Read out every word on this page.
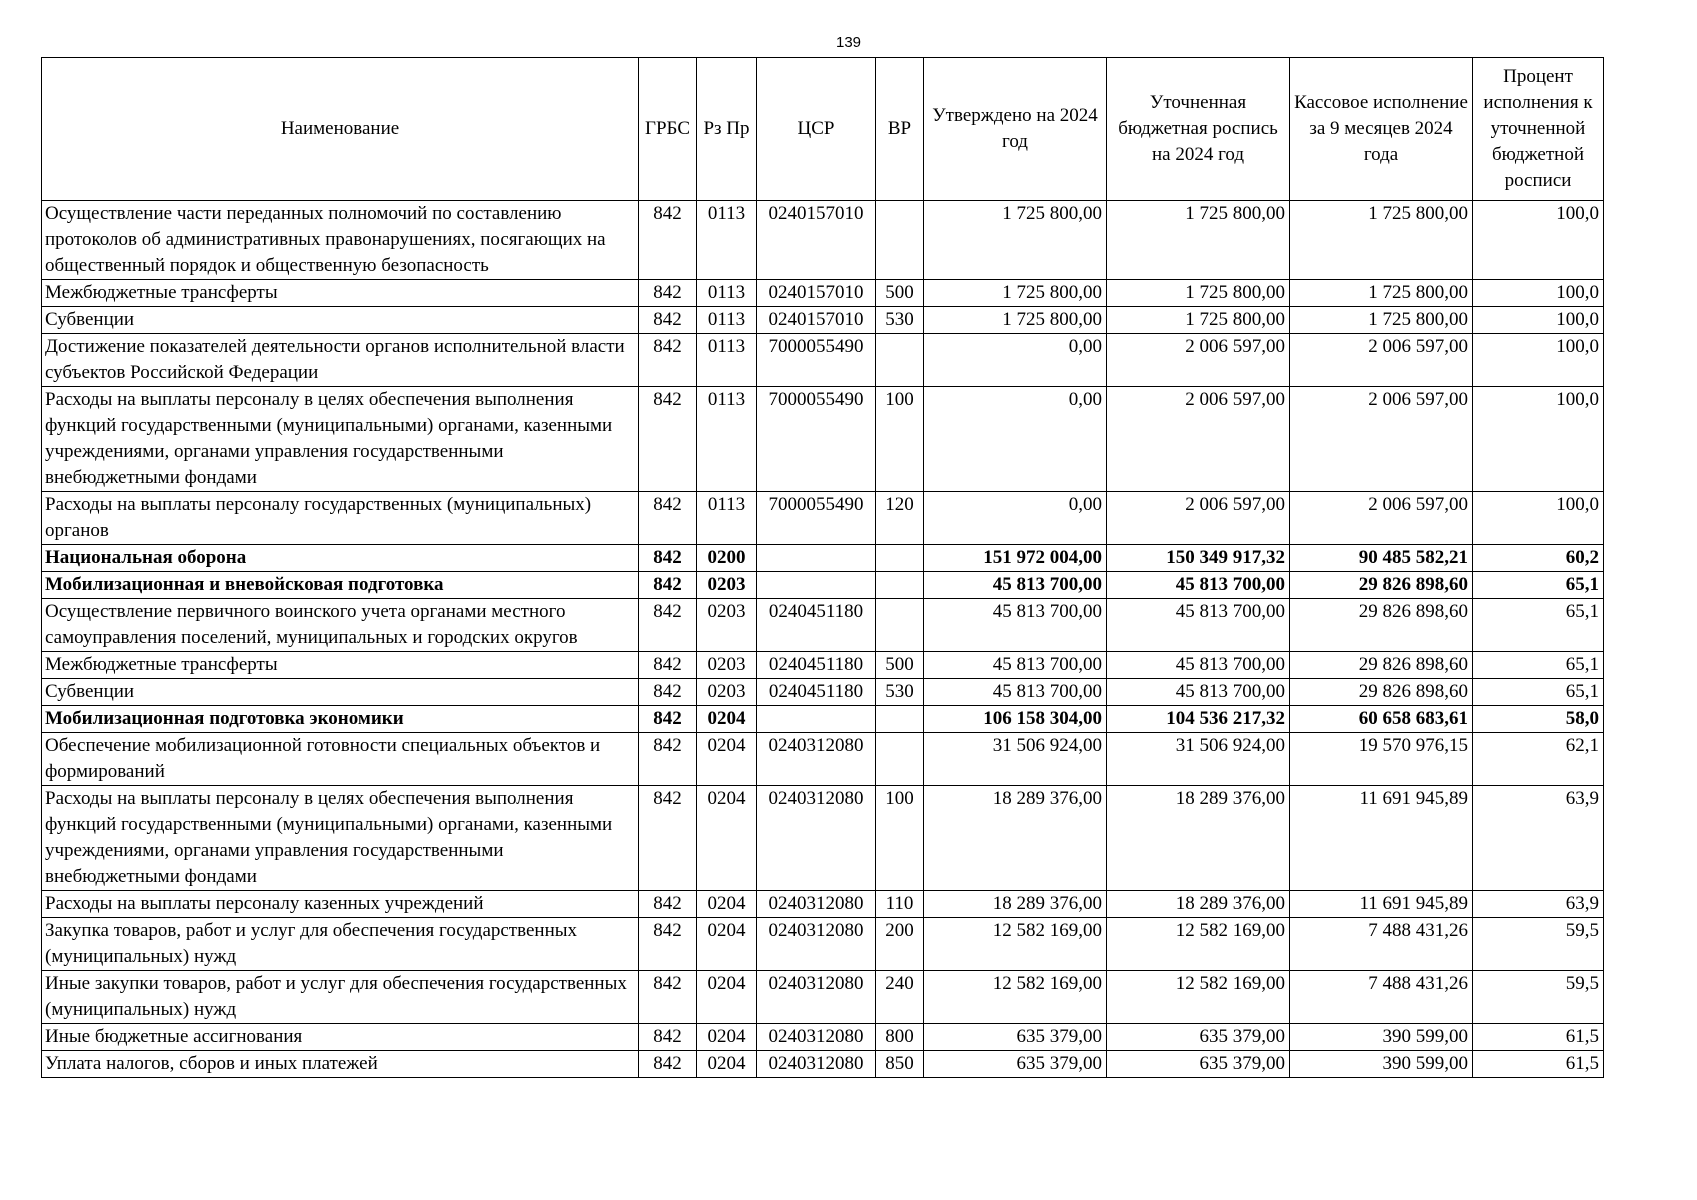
139
Наименование	ГРБС	Рз Пр	ЦСР	ВР	Утверждено на 2024 год	Уточненная бюджетная роспись на 2024 год	Кассовое исполнение за 9 месяцев 2024 года	Процент исполнения к уточненной бюджетной росписи
Осуществление части переданных полномочий по составлению протоколов об административных правонарушениях, посягающих на общественный порядок и общественную безопасность	842	0113	0240157010		1 725 800,00	1 725 800,00	1 725 800,00	100,0
Межбюджетные трансферты	842	0113	0240157010	500	1 725 800,00	1 725 800,00	1 725 800,00	100,0
Субвенции	842	0113	0240157010	530	1 725 800,00	1 725 800,00	1 725 800,00	100,0
Достижение показателей деятельности органов исполнительной власти субъектов Российской Федерации	842	0113	7000055490		0,00	2 006 597,00	2 006 597,00	100,0
Расходы на выплаты персоналу в целях обеспечения выполнения функций государственными (муниципальными) органами, казенными учреждениями, органами управления государственными внебюджетными фондами	842	0113	7000055490	100	0,00	2 006 597,00	2 006 597,00	100,0
Расходы на выплаты персоналу государственных (муниципальных) органов	842	0113	7000055490	120	0,00	2 006 597,00	2 006 597,00	100,0
Национальная оборона	842	0200			151 972 004,00	150 349 917,32	90 485 582,21	60,2
Мобилизационная и вневойсковая подготовка	842	0203			45 813 700,00	45 813 700,00	29 826 898,60	65,1
Осуществление первичного воинского учета органами местного самоуправления поселений, муниципальных и городских округов	842	0203	0240451180		45 813 700,00	45 813 700,00	29 826 898,60	65,1
Межбюджетные трансферты	842	0203	0240451180	500	45 813 700,00	45 813 700,00	29 826 898,60	65,1
Субвенции	842	0203	0240451180	530	45 813 700,00	45 813 700,00	29 826 898,60	65,1
Мобилизационная подготовка экономики	842	0204			106 158 304,00	104 536 217,32	60 658 683,61	58,0
Обеспечение мобилизационной готовности специальных объектов и формирований	842	0204	0240312080		31 506 924,00	31 506 924,00	19 570 976,15	62,1
Расходы на выплаты персоналу в целях обеспечения выполнения функций государственными (муниципальными) органами, казенными учреждениями, органами управления государственными внебюджетными фондами	842	0204	0240312080	100	18 289 376,00	18 289 376,00	11 691 945,89	63,9
Расходы на выплаты персоналу казенных учреждений	842	0204	0240312080	110	18 289 376,00	18 289 376,00	11 691 945,89	63,9
Закупка товаров, работ и услуг для обеспечения государственных (муниципальных) нужд	842	0204	0240312080	200	12 582 169,00	12 582 169,00	7 488 431,26	59,5
Иные закупки товаров, работ и услуг для обеспечения государственных (муниципальных) нужд	842	0204	0240312080	240	12 582 169,00	12 582 169,00	7 488 431,26	59,5
Иные бюджетные ассигнования	842	0204	0240312080	800	635 379,00	635 379,00	390 599,00	61,5
Уплата налогов, сборов и иных платежей	842	0204	0240312080	850	635 379,00	635 379,00	390 599,00	61,5
